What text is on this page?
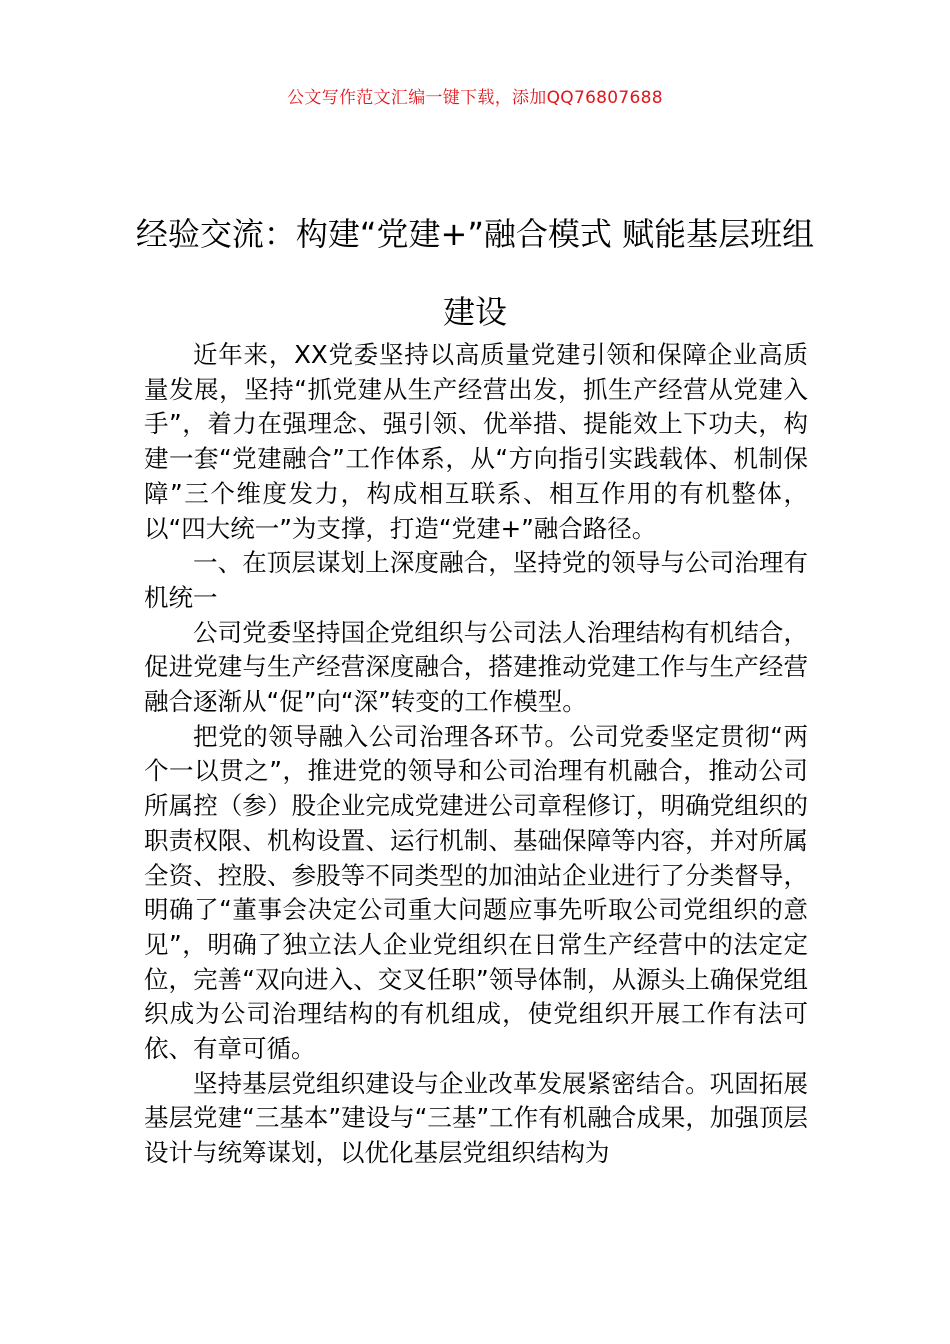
公文写作范文汇编一键下载，添加QQ76807688
经验交流：构建“党建+”融合模式 赋能基层班组建设

近年来，XX党委坚持以高质量党建引领和保障企业高质量发展，坚持“抓党建从生产经营出发，抓生产经营从党建入手”，着力在强理念、强引领、优举措、提能效上下功夫，构建一套“党建融合”工作体系，从“方向指引实践载体、机制保障”三个维度发力，构成相互联系、相互作用的有机整体，以“四大统一”为支撑，打造“党建+”融合路径。

一、在顶层谋划上深度融合，坚持党的领导与公司治理有机统一

公司党委坚持国企党组织与公司法人治理结构有机结合，促进党建与生产经营深度融合，搭建推动党建工作与生产经营融合逐渐从“促”向“深”转变的工作模型。

把党的领导融入公司治理各环节。公司党委坚定贯彻“两个一以贯之”，推进党的领导和公司治理有机融合，推动公司所属控（参）股企业完成党建进公司章程修订，明确党组织的职责权限、机构设置、运行机制、基础保障等内容，并对所属全资、控股、参股等不同类型的加油站企业进行了分类督导，明确了“董事会决定公司重大问题应事先听取公司党组织的意见”，明确了独立法人企业党组织在日常生产经营中的法定定位，完善“双向进入、交叉任职”领导体制，从源头上确保党组织成为公司治理结构的有机组成，使党组织开展工作有法可依、有章可循。

坚持基层党组织建设与企业改革发展紧密结合。巩固拓展基层党建“三基本”建设与“三基”工作有机融合成果，加强顶层设计与统筹谋划，以优化基层党组织结构为
